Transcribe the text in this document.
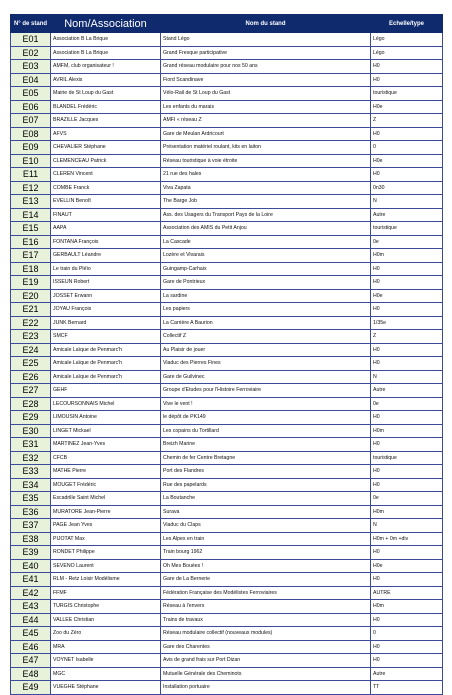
N° de stand	Nom/Association	Nom du stand	Echelle/type
E01	Association B La Brique	Stand Légo	Légo
E02	Association B La Brique	Grand Fresque participative	Légo
E03	AMFM, club organisateur !	Grand réseau modulaire pour nos 50 ans	H0
E04	AVRIL Alexis	Fiord Scandinave	H0
E05	Mairie de St Loup du Gast	Vélo-Rail de St Loup du Gast	touristique
E06	BLANDEL Frédéric	Les enfants du marais	H0e
E07	BRAZILLE Jacques	AMFI « réseau Z	Z
E08	AFVS	Gare de Meulan Ardricourt	H0
E09	CHEVALIER Stéphane	Présentation matériel roulant, kits en laiton	0
E10	CLEMENCEAU Patrick	Réseau touristique à voie étroite	H0e
E11	CLEREN Vincent	21 rue des hales	H0
E12	COMBE Franck	Viva Zapata	0n30
E13	EVELLIN Benoît	The Barge Job	N
E14	FINAUT	Ass. des Usagers du Transport Pays de la Loire	Autre
E15	AAPA	Association des AMIS du Petit Anjou	touristique
E16	FONTANA François	La Cascade	0e
E17	GERBAULT Léandre	Lozère et Vivarais	H0m
E18	Le train du Pléïo	Guingamp-Carhaix	H0
E19	ISSEUN Robert	Gare de Pontrieux	H0
E20	JOSSET Erwann	La sardine	H0e
E21	JOYAU François	Les papiers	H0
E22	JUNK Bernard	La Carrière A Baurion	1/35e
E23	SMCF	Collectif Z	Z
E24	Amicale Laïque de Penmarc'h	Au Plaisir de jouer	H0
E25	Amicale Laïque de Penmarc'h	Viaduc des Pierres Fines	H0
E26	Amicale Laïque de Penmarc'h	Gare de Guilvinec	N
E27	GEHF	Groupe d'Etudes pour l'Histoire Ferroviaire	Autre
E28	LECOURSONNAIS Michel	Vive le vent !	0e
E29	LIMOUSIN Antoine	le dépôt de PK149	H0
E30	LINGET Mickael	Les copains du Tortillard	H0m
E31	MARTINEZ Jean-Yves	Breizh Marine	H0
E32	CFCB	Chemin de fer Centre Bretagne	touristique
E33	MATHE Pierre	Port des Flandres	H0
E34	MOUGET Frédéric	Rue des papelards	H0
E35	Escadrille Saint Michel	La Boutanche	0e
E36	MURATORE Jean-Pierre	Surava	H0m
E37	PAGE Jean Yves	Viaduc du Claps	N
E38	PIJOTAT Max	Les Alpes en train	H0m + 0m +div
E39	RONDET Philippe	Train bourg 1962	H0
E40	SEVENO Laurent	Oh Mes Bouées !	H0e
E41	RLM - Retz Loisir Modélisme	Gare de La Bernerie	H0
E42	FFMF	Fédération Française des Modélistes Ferroviaires	AUTRE
E43	TURGIS Christophe	Réseau à l'envers	H0m
E44	VALLEE Christian	Trains de travaux	H0
E45	Zoo du Zéro	Réseau modulaire collectif (nouveaux modules)	0
E46	MRA	Gare des Charentes	H0
E47	VOYNET Isabelle	Avis de grand frais sur Port Dizan	H0
E48	MGC	Mutuelle Générale des Cheminots	Autre
E49	VUEGHE Stéphane	Installation portuaire	TT
